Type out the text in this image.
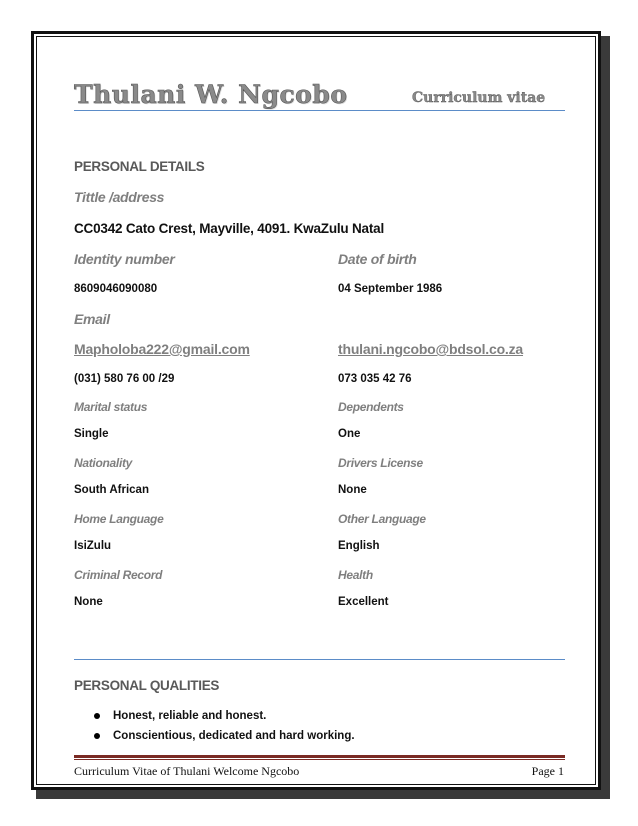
Thulani W. Ngcobo	Curriculum vitae
PERSONAL DETAILS
Tittle /address
CC0342 Cato Crest, Mayville, 4091. KwaZulu Natal
Identity number	Date of birth
8609046090080	04 September 1986
Email
Mapholoba222@gmail.com	thulani.ngcobo@bdsol.co.za
(031) 580 76 00 /29	073 035 42 76
Marital status	Dependents
Single	One
Nationality	Drivers License
South African	None
Home Language	Other Language
IsiZulu	English
Criminal Record	Health
None	Excellent
PERSONAL QUALITIES
Honest, reliable and honest.
Conscientious, dedicated and hard working.
Curriculum Vitae of Thulani Welcome Ngcobo	Page 1
